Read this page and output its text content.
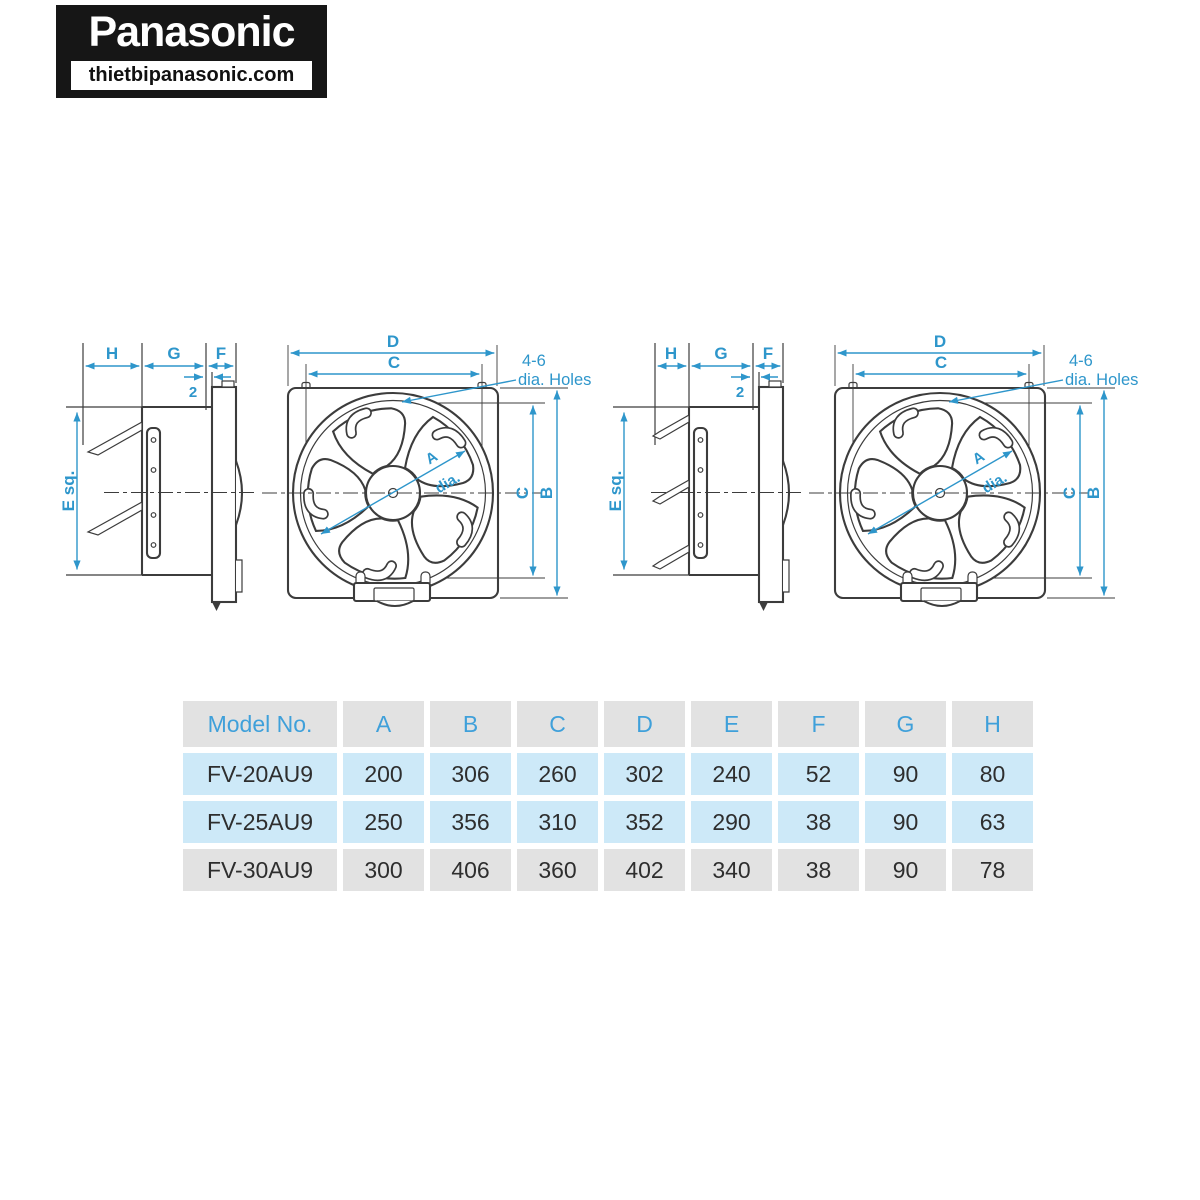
Panasonic
thietbipanasonic.com
H	H
Model No.	A	B	C	D	E	F	G	H
FV-20AU9	200	306	260	302	240	52	90	80
FV-25AU9	250	356	310	352	290	38	90	63
FV-30AU9	300	406	360	402	340	38	90	78
